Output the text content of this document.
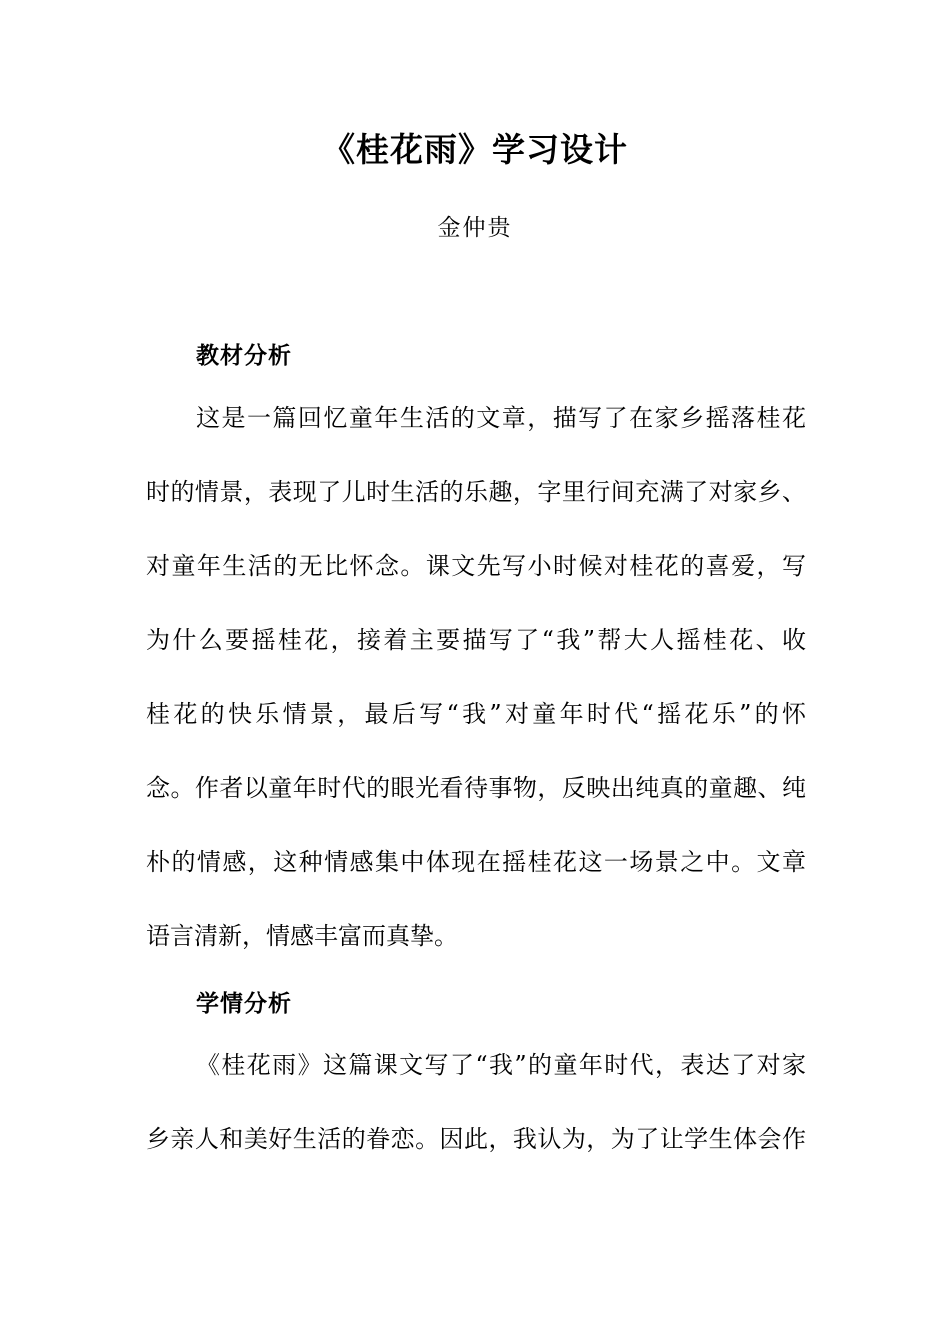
《桂花雨》学习设计
金仲贵
教材分析
这是一篇回忆童年生活的文章，描写了在家乡摇落桂花
时的情景，表现了儿时生活的乐趣，字里行间充满了对家乡、
对童年生活的无比怀念。课文先写小时候对桂花的喜爱，写
为什么要摇桂花，接着主要描写了“我”帮大人摇桂花、收
桂花的快乐情景，最后写“我”对童年时代“摇花乐”的怀
念。作者以童年时代的眼光看待事物，反映出纯真的童趣、纯
朴的情感，这种情感集中体现在摇桂花这一场景之中。文章
语言清新，情感丰富而真挚。
学情分析
《桂花雨》这篇课文写了“我”的童年时代，表达了对家
乡亲人和美好生活的眷恋。因此，我认为，为了让学生体会作
